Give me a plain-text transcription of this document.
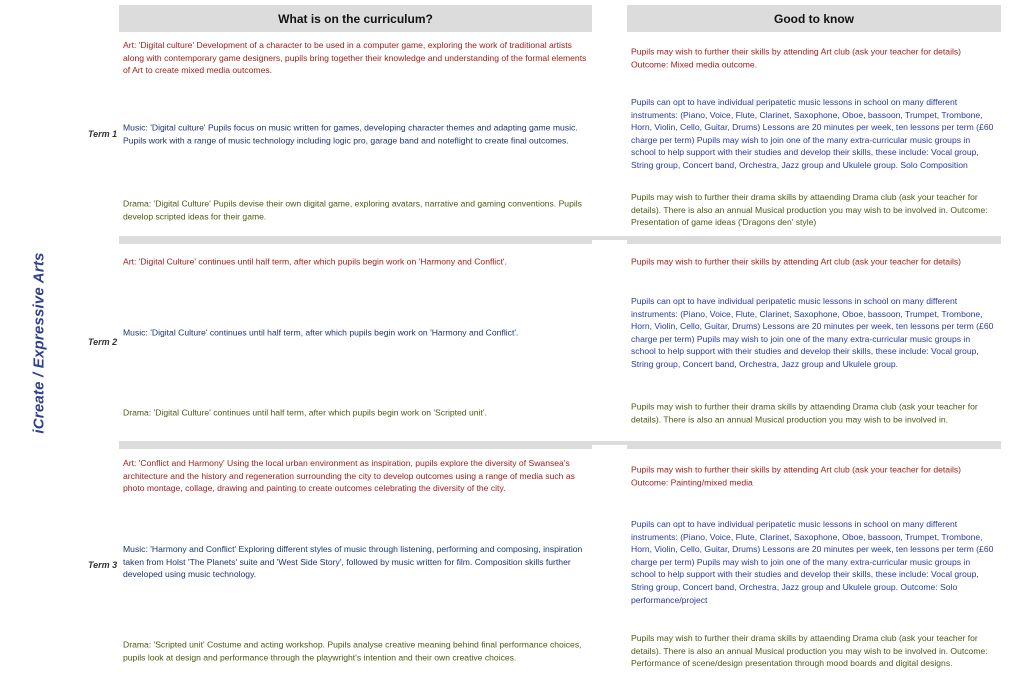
iCreate / Expressive Arts
What is on the curriculum?	Good to know
Term 1
Art: 'Digital culture' Development of a character to be used in a computer game, exploring the work of traditional artists along with contemporary game designers, pupils bring together their knowledge and understanding of the formal elements of Art to create mixed media outcomes.
Pupils may wish to further their skills by attending Art club (ask your teacher for details) Outcome: Mixed media outcome.
Music: 'Digital culture' Pupils focus on music written for games, developing character themes and adapting game music. Pupils work with a range of music technology including logic pro, garage band and noteflight to create final outcomes.
Pupils can opt to have individual peripatetic music lessons in school on many different instruments: (Piano, Voice, Flute, Clarinet, Saxophone, Oboe, bassoon, Trumpet, Trombone, Horn, Violin, Cello, Guitar, Drums) Lessons are 20 minutes per week, ten lessons per term (£60 charge per term) Pupils may wish to join one of the many extra-curricular music groups in school to help support with their studies and develop their skills, these include: Vocal group, String group, Concert band, Orchestra, Jazz group and Ukulele group. Solo Composition
Drama: 'Digital Culture' Pupils devise their own digital game, exploring avatars, narrative and gaming conventions. Pupils develop scripted ideas for their game.
Pupils may wish to further their drama skills by attaending Drama club (ask your teacher for details). There is also an annual Musical production you may wish to be involved in. Outcome: Presentation of game ideas ('Dragons den' style)
Term 2
Art: 'Digital Culture' continues until half term, after which pupils begin work on 'Harmony and Conflict'.	Pupils may wish to further their skills by attending Art club (ask your teacher for details)
Music: 'Digital Culture' continues until half term, after which pupils begin work on 'Harmony and Conflict'.
Pupils can opt to have individual peripatetic music lessons in school on many different instruments: (Piano, Voice, Flute, Clarinet, Saxophone, Oboe, bassoon, Trumpet, Trombone, Horn, Violin, Cello, Guitar, Drums) Lessons are 20 minutes per week, ten lessons per term (£60 charge per term) Pupils may wish to join one of the many extra-curricular music groups in school to help support with their studies and develop their skills, these include: Vocal group, String group, Concert band, Orchestra, Jazz group and Ukulele group.
Drama: 'Digital Culture' continues until half term, after which pupils begin work on 'Scripted unit'.
Pupils may wish to further their drama skills by attaending Drama club (ask your teacher for details). There is also an annual Musical production you may wish to be involved in.
Term 3
Art: 'Conflict and Harmony' Using the local urban environment as inspiration, pupils explore the diversity of Swansea's architecture and the history and regeneration surrounding the city to develop outcomes using a range of media such as photo montage, collage, drawing and painting to create outcomes celebrating the diversity of the city.
Pupils may wish to further their skills by attending Art club (ask your teacher for details) Outcome: Painting/mixed media
Music: 'Harmony and Conflict' Exploring different styles of music through listening, performing and composing, inspiration taken from Holst 'The Planets' suite and 'West Side Story', followed by music written for film. Composition skills further developed using music technology.
Pupils can opt to have individual peripatetic music lessons in school on many different instruments: (Piano, Voice, Flute, Clarinet, Saxophone, Oboe, bassoon, Trumpet, Trombone, Horn, Violin, Cello, Guitar, Drums) Lessons are 20 minutes per week, ten lessons per term (£60 charge per term) Pupils may wish to join one of the many extra-curricular music groups in school to help support with their studies and develop their skills, these include: Vocal group, String group, Concert band, Orchestra, Jazz group and Ukulele group. Outcome: Solo performance/project
Drama: 'Scripted unit' Costume and acting workshop. Pupils analyse creative meaning behind final performance choices, pupils look at design and performance through the playwright's intention and their own creative choices.
Pupils may wish to further their drama skills by attaending Drama club (ask your teacher for details). There is also an annual Musical production you may wish to be involved in. Outcome: Performance of scene/design presentation through mood boards and digital designs.
